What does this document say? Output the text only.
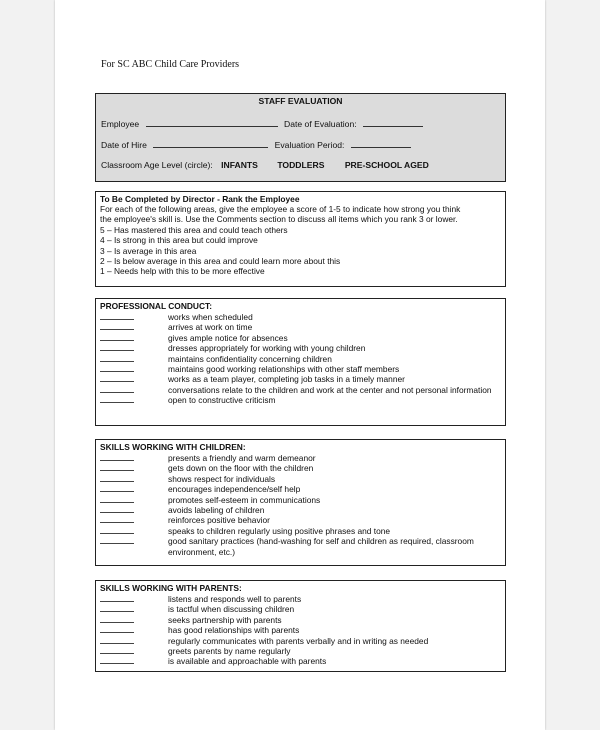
For SC ABC Child Care Providers
STAFF EVALUATION
Employee	Date of Evaluation:
Date of Hire	Evaluation Period:
Classroom Age Level (circle): INFANTS TODDLERS PRE-SCHOOL AGED
To Be Completed by Director - Rank the Employee
For each of the following areas, give the employee a score of 1-5 to indicate how strong you think
the employee's skill is. Use the Comments section to discuss all items which you rank 3 or lower.
5 – Has mastered this area and could teach others
4 – Is strong in this area but could improve
3 – Is average in this area
2 – Is below average in this area and could learn more about this
1 – Needs help with this to be more effective
PROFESSIONAL CONDUCT:
works when scheduled
arrives at work on time
gives ample notice for absences
dresses appropriately for working with young children
maintains confidentiality concerning children
maintains good working relationships with other staff members
works as a team player, completing job tasks in a timely manner
conversations relate to the children and work at the center and not personal information
open to constructive criticism
SKILLS WORKING WITH CHILDREN:
presents a friendly and warm demeanor
gets down on the floor with the children
shows respect for individuals
encourages independence/self help
promotes self-esteem in communications
avoids labeling of children
reinforces positive behavior
speaks to children regularly using positive phrases and tone
good sanitary practices (hand-washing for self and children as required, classroom environment, etc.)
SKILLS WORKING WITH PARENTS:
listens and responds well to parents
is tactful when discussing children
seeks partnership with parents
has good relationships with parents
regularly communicates with parents verbally and in writing as needed
greets parents by name regularly
is available and approachable with parents
